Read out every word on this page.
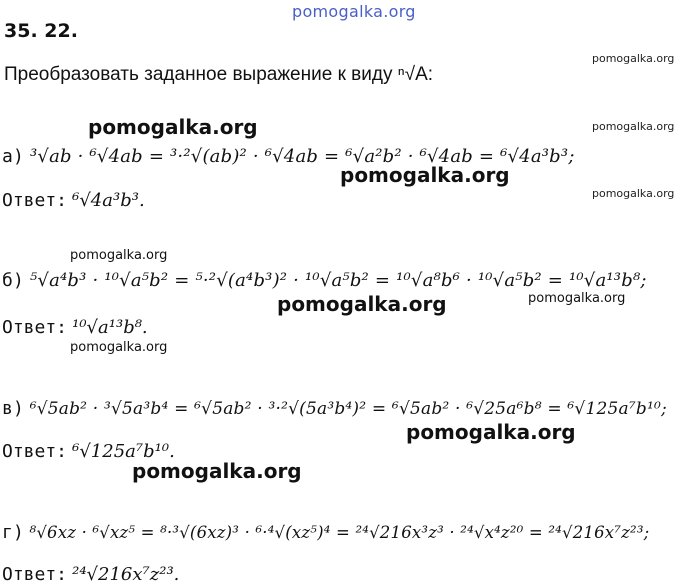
pomogalka.org
35. 22.
Преобразовать заданное выражение к виду ⁿ√A:
pomogalka.org
pomogalka.org
pomogalka.org
pomogalka.org
pomogalka.org
pomogalka.org
pomogalka.org	pomogalka.org
pomogalka.org
pomogalka.org
pomogalka.org
а) ³√ab · ⁶√4ab = ³·²√(ab)² · ⁶√4ab = ⁶√a²b² · ⁶√4ab = ⁶√4a³b³;
Ответ: ⁶√4a³b³.
б) ⁵√a⁴b³ · ¹⁰√a⁵b² = ⁵·²√(a⁴b³)² · ¹⁰√a⁵b² = ¹⁰√a⁸b⁶ · ¹⁰√a⁵b² = ¹⁰√a¹³b⁸;
Ответ: ¹⁰√a¹³b⁸.
в) ⁶√5ab² · ³√5a³b⁴ = ⁶√5ab² · ³·²√(5a³b⁴)² = ⁶√5ab² · ⁶√25a⁶b⁸ = ⁶√125a⁷b¹⁰;
Ответ: ⁶√125a⁷b¹⁰.
г) ⁸√6xz · ⁶√xz⁵ = ⁸·³√(6xz)³ · ⁶·⁴√(xz⁵)⁴ = ²⁴√216x³z³ · ²⁴√x⁴z²⁰ = ²⁴√216x⁷z²³;
Ответ: ²⁴√216x⁷z²³.
